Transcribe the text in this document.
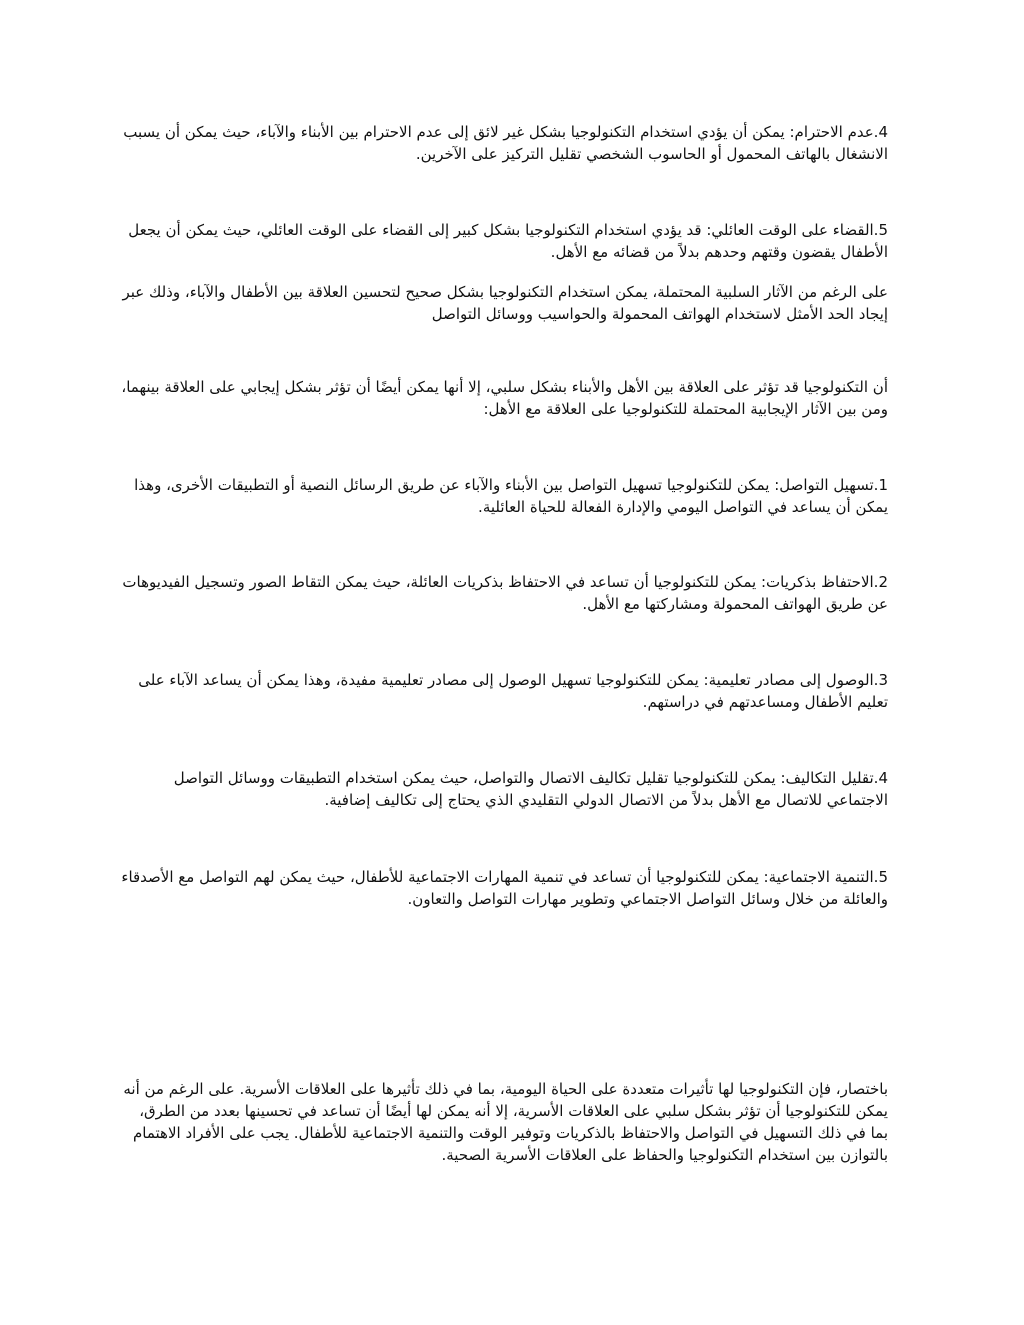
4.عدم الاحترام: يمكن أن يؤدي استخدام التكنولوجيا بشكل غير لائق إلى عدم الاحترام بين الأبناء والآباء، حيث يمكن أن يسبب الانشغال بالهاتف المحمول أو الحاسوب الشخصي تقليل التركيز على الآخرين.

5.القضاء على الوقت العائلي: قد يؤدي استخدام التكنولوجيا بشكل كبير إلى القضاء على الوقت العائلي، حيث يمكن أن يجعل الأطفال يقضون وقتهم وحدهم بدلاً من قضائه مع الأهل.

على الرغم من الآثار السلبية المحتملة، يمكن استخدام التكنولوجيا بشكل صحيح لتحسين العلاقة بين الأطفال والآباء، وذلك عبر إيجاد الحد الأمثل لاستخدام الهواتف المحمولة والحواسيب ووسائل التواصل

أن التكنولوجيا قد تؤثر على العلاقة بين الأهل والأبناء بشكل سلبي، إلا أنها يمكن أيضًا أن تؤثر بشكل إيجابي على العلاقة بينهما، ومن بين الآثار الإيجابية المحتملة للتكنولوجيا على العلاقة مع الأهل:

1.تسهيل التواصل: يمكن للتكنولوجيا تسهيل التواصل بين الأبناء والآباء عن طريق الرسائل النصية أو التطبيقات الأخرى، وهذا يمكن أن يساعد في التواصل اليومي والإدارة الفعالة للحياة العائلية.

2.الاحتفاظ بذكريات: يمكن للتكنولوجيا أن تساعد في الاحتفاظ بذكريات العائلة، حيث يمكن التقاط الصور وتسجيل الفيديوهات عن طريق الهواتف المحمولة ومشاركتها مع الأهل.

3.الوصول إلى مصادر تعليمية: يمكن للتكنولوجيا تسهيل الوصول إلى مصادر تعليمية مفيدة، وهذا يمكن أن يساعد الآباء على تعليم الأطفال ومساعدتهم في دراستهم.

4.تقليل التكاليف: يمكن للتكنولوجيا تقليل تكاليف الاتصال والتواصل، حيث يمكن استخدام التطبيقات ووسائل التواصل الاجتماعي للاتصال مع الأهل بدلاً من الاتصال الدولي التقليدي الذي يحتاج إلى تكاليف إضافية.

5.التنمية الاجتماعية: يمكن للتكنولوجيا أن تساعد في تنمية المهارات الاجتماعية للأطفال، حيث يمكن لهم التواصل مع الأصدقاء والعائلة من خلال وسائل التواصل الاجتماعي وتطوير مهارات التواصل والتعاون.

باختصار، فإن التكنولوجيا لها تأثيرات متعددة على الحياة اليومية، بما في ذلك تأثيرها على العلاقات الأسرية. على الرغم من أنه يمكن للتكنولوجيا أن تؤثر بشكل سلبي على العلاقات الأسرية، إلا أنه يمكن لها أيضًا أن تساعد في تحسينها بعدد من الطرق، بما في ذلك التسهيل في التواصل والاحتفاظ بالذكريات وتوفير الوقت والتنمية الاجتماعية للأطفال. يجب على الأفراد الاهتمام بالتوازن بين استخدام التكنولوجيا والحفاظ على العلاقات الأسرية الصحية.
